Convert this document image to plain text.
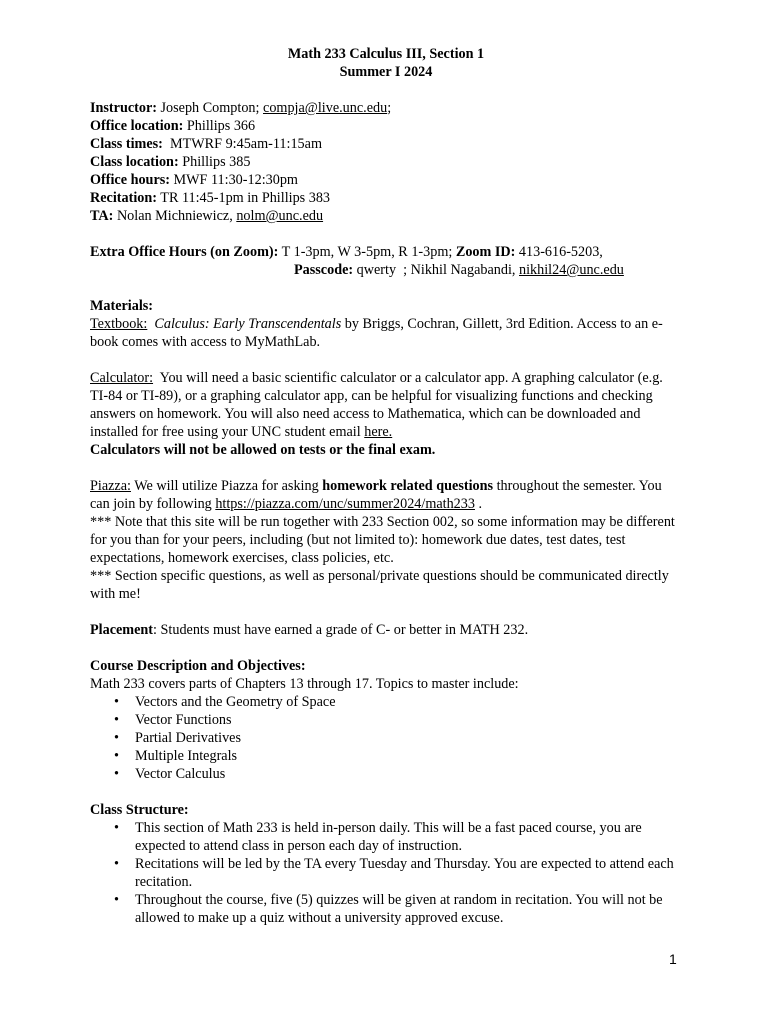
Math 233 Calculus III, Section 1

Summer I 2024

Instructor: Joseph Compton; compja@live.unc.edu;

Office location: Phillips 366

Class times: MTWRF 9:45am-11:15am

Class location: Phillips 385

Office hours: MWF 11:30-12:30pm

Recitation: TR 11:45-1pm in Phillips 383

TA: Nolan Michniewicz, nolm@unc.edu

Extra Office Hours (on Zoom): T 1-3pm, W 3-5pm, R 1-3pm; Zoom ID: 413-616-5203,

Passcode: qwerty  ; Nikhil Nagabandi, nikhil24@unc.edu

Materials:

Textbook: Calculus: Early Transcendentals by Briggs, Cochran, Gillett, 3rd Edition. Access to an e-book comes with access to MyMathLab.

Calculator: You will need a basic scientific calculator or a calculator app. A graphing calculator (e.g. TI-84 or TI-89), or a graphing calculator app, can be helpful for visualizing functions and checking answers on homework. You will also need access to Mathematica, which can be downloaded and installed for free using your UNC student email here.

Calculators will not be allowed on tests or the final exam.

Piazza: We will utilize Piazza for asking homework related questions throughout the semester. You can join by following https://piazza.com/unc/summer2024/math233 .

*** Note that this site will be run together with 233 Section 002, so some information may be different for you than for your peers, including (but not limited to): homework due dates, test dates, test expectations, homework exercises, class policies, etc.

*** Section specific questions, as well as personal/private questions should be communicated directly with me!

Placement: Students must have earned a grade of C- or better in MATH 232.

Course Description and Objectives:

Math 233 covers parts of Chapters 13 through 17. Topics to master include:

• Vectors and the Geometry of Space
• Vector Functions
• Partial Derivatives
• Multiple Integrals
• Vector Calculus

Class Structure:

• This section of Math 233 is held in-person daily. This will be a fast paced course, you are expected to attend class in person each day of instruction.
• Recitations will be led by the TA every Tuesday and Thursday. You are expected to attend each recitation.
• Throughout the course, five (5) quizzes will be given at random in recitation. You will not be allowed to make up a quiz without a university approved excuse.
1
